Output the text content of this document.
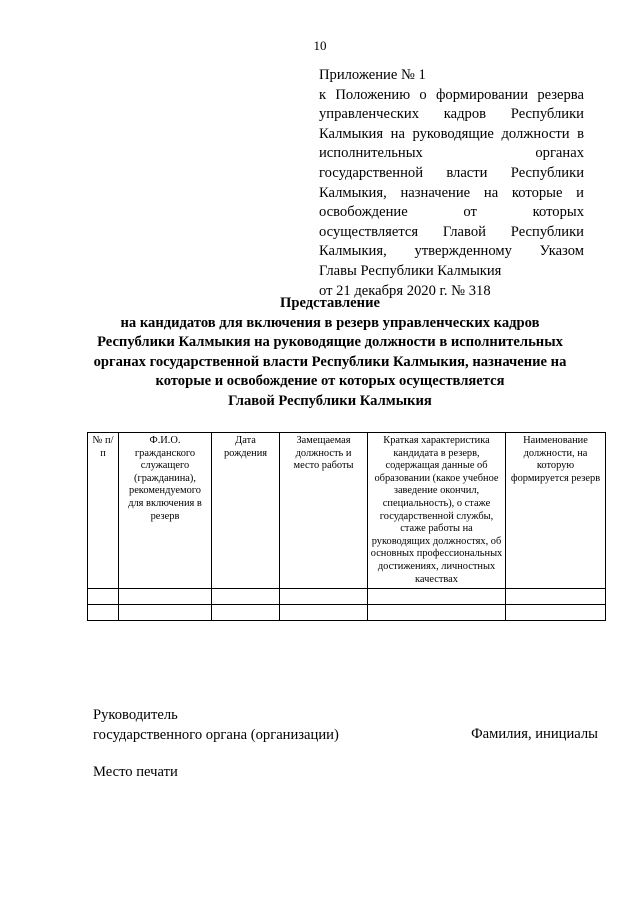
10
Приложение № 1
к Положению о формировании резерва
управленческих кадров Республики
Калмыкия на руководящие должности в
исполнительных органах
государственной власти Республики
Калмыкия, назначение на которые и
освобождение от которых
осуществляется Главой Республики
Калмыкия, утвержденному Указом
Главы Республики Калмыкия
от 21 декабря 2020 г. № 318
Представление
на кандидатов для включения в резерв управленческих кадров
Республики Калмыкия на руководящие должности в исполнительных
органах государственной власти Республики Калмыкия, назначение на
которые и освобождение от которых осуществляется
Главой Республики Калмыкия
№ п/п	Ф.И.О. гражданского служащего (гражданина), рекомендуемого для включения в резерв	Дата рождения	Замещаемая должность и место работы	Краткая характеристика кандидата в резерв, содержащая данные об образовании (какое учебное заведение окончил, специальность), о стаже государственной службы, стаже работы на руководящих должностях, об основных профессиональных достижениях, личностных качествах	Наименование должности, на которую формируется резерв

Руководитель
государственного органа (организации)	Фамилия, инициалы
Место печати
